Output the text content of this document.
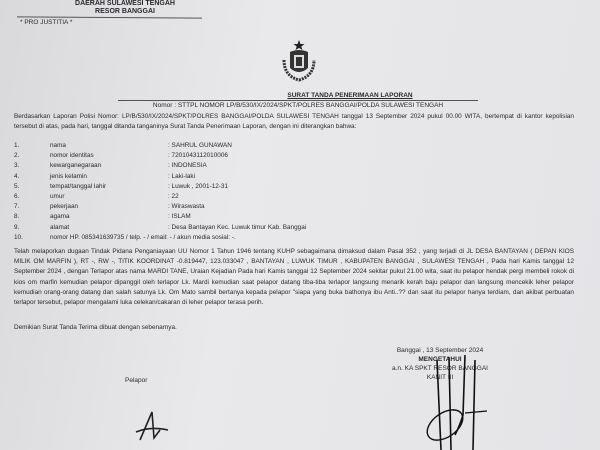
DAERAH SULAWESI TENGAH
RESOR BANGGAI
* PRO JUSTITIA *
SURAT TANDA PENERIMAAN LAPORAN
Nomor : STTPL NOMOR LP/B/530/IX/2024/SPKT/POLRES BANGGAI/POLDA SULAWESI TENGAH
Berdasarkan Laporan Polisi Nomor: LP/B/530/IX/2024/SPKT/POLRES BANGGAI/POLDA SULAWESI TENGAH tanggal 13 September 2024 pukul 00.00 WITA, bertempat di kantor kepolisian tersebut di atas, pada hari, tanggal ditanda tanganinya Surat Tanda Penerimaan Laporan, dengan ini diterangkan bahwa:
1.	nama	: SAHRUL GUNAWAN
2.	nomor identitas	: 7201043112010006
3.	kewarganegaraan	: INDONESIA
4.	jenis kelamin	: Laki-laki
5.	tempat/tanggal lahir	: Luwuk , 2001-12-31
6.	umur	: 22
7.	pekerjaan	: Wiraswasta
8.	agama	: ISLAM
9.	alamat	: Desa Bantayan Kec. Luwuk timur Kab. Banggai
10.	nomor HP. 085341639735 / telp. - / email: - / akun media sosial: -.
Telah melaporkan dugaan Tindak Pidana Penganiayaan UU Nomor 1 Tahun 1946 tentang KUHP sebagaimana dimaksud dalam Pasal 352 , yang terjadi di JL DESA BANTAYAN ( DEPAN KIOS MILIK OM MARFIN ), RT -, RW -, TITIK KOORDINAT -0.819447, 123.033047 , BANTAYAN , LUWUK TIMUR , KABUPATEN BANGGAI , SULAWESI TENGAH , Pada hari Kamis tanggal 12 September 2024 , dengan Terlapor atas nama MARDI TANE, Uraian Kejadian Pada hari Kamis tanggal 12 September 2024 sekitar pukul 21.00 wita, saat itu pelapor hendak pergi membeli rokok di kios om marfin kemudian pelapor dipanggil oleh terlapor Lk. Mardi kemudian saat pelapor datang tiba-tiba terlapor langsung menarik kerah baju pelapor dan langsung mencekik leher pelapor kemudian orang-orang datang dan salah satunya Lk. Om Mato sambil bertanya kepada pelapor "siapa yang buka bathonya ibu Anti..?? dan saat itu pelapor hanya terdiam, dan akibat perbuatan terlapor tersebut, pelapor mengalami luka celekan/cakaran di leher pelapor terasa perih.
Demikian Surat Tanda Terima dibuat dengan sebenarnya.
Pelapor
Banggai , 13 September 2024
MENGETAHUI
a.n. KA SPKT RESOR BANGGAI
KANIT III
